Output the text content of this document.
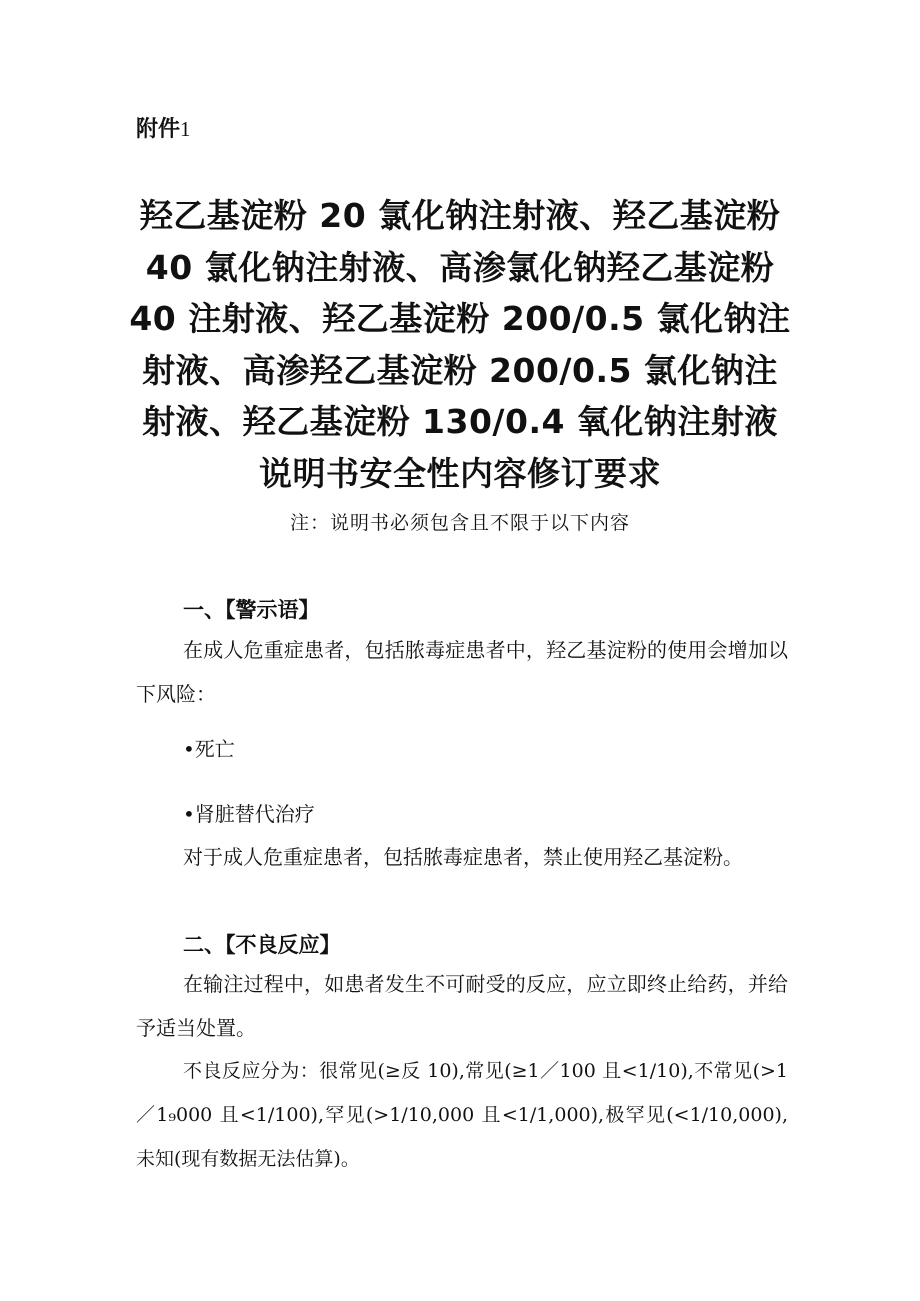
附件1
羟乙基淀粉 20 氯化钠注射液、羟乙基淀粉
40 氯化钠注射液、高渗氯化钠羟乙基淀粉
40 注射液、羟乙基淀粉 200/0.5 氯化钠注
射液、高渗羟乙基淀粉 200/0.5 氯化钠注
射液、羟乙基淀粉 130/0.4 氧化钠注射液
说明书安全性内容修订要求
注：说明书必须包含且不限于以下内容
一、【警示语】
在成人危重症患者，包括脓毒症患者中，羟乙基淀粉的使用会增加以下风险：
•死亡
•肾脏替代治疗
对于成人危重症患者，包括脓毒症患者，禁止使用羟乙基淀粉。
二、【不良反应】
在输注过程中，如患者发生不可耐受的反应，应立即终止给药，并给予适当处置。
不良反应分为：很常见(≥反 10),常见(≥1／100 且<1/10),不常见(>1／1₉000 且<1/100),罕见(>1/10,000 且<1/1,000),极罕见(<1/10,000),未知(现有数据无法估算)。
